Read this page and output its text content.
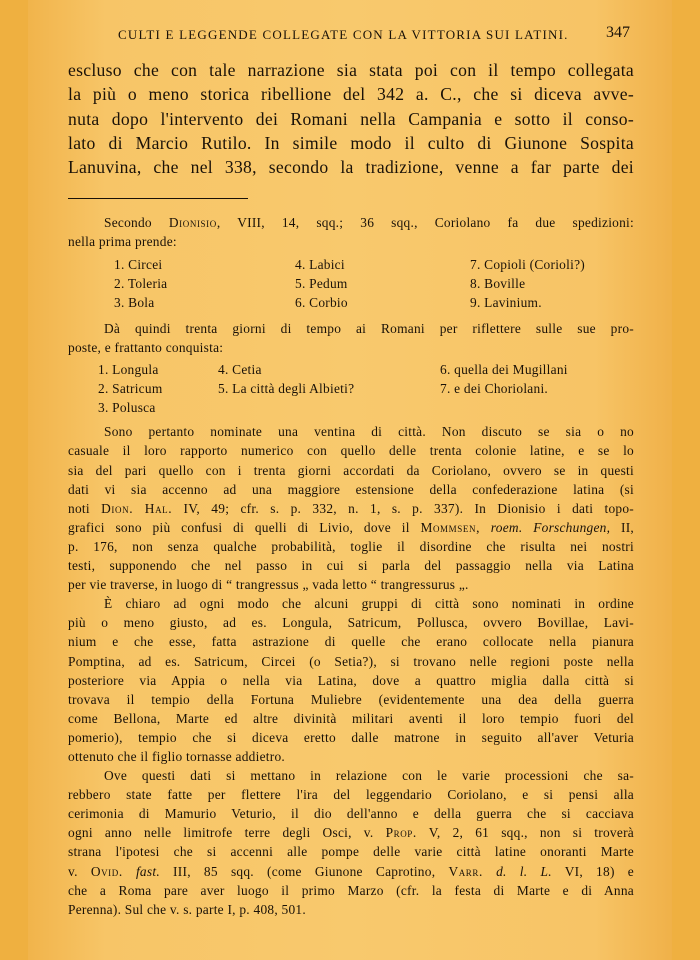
CULTI E LEGGENDE COLLEGATE CON LA VITTORIA SUI LATINI. 347
escluso che con tale narrazione sia stata poi con il tempo collegata
la più o meno storica ribellione del 342 a. C., che si diceva avve-
nuta dopo l'intervento dei Romani nella Campania e sotto il conso-
lato di Marcio Rutilo. In simile modo il culto di Giunone Sospita
Lanuvina, che nel 338, secondo la tradizione, venne a far parte dei
Secondo Dionisio, VIII, 14, sqq.; 36 sqq., Coriolano fa due spedizioni:
nella prima prende:
1. Circei
2. Toleria
3. Bola
4. Labici
5. Pedum
6. Corbio
7. Copioli (Corioli?)
8. Boville
9. Lavinium.
Dà quindi trenta giorni di tempo ai Romani per riflettere sulle sue pro-
poste, e frattanto conquista:
1. Longula
2. Satricum
3. Polusca
4. Cetia
5. La città degli Albieti?
6. quella dei Mugillani
7. e dei Choriolani.
Sono pertanto nominate una ventina di città. Non discuto se sia o no
casuale il loro rapporto numerico con quello delle trenta colonie latine, e se lo
sia del pari quello con i trenta giorni accordati da Coriolano, ovvero se in questi
dati vi sia accenno ad una maggiore estensione della confederazione latina (si
noti Dion. Hal. IV, 49; cfr. s. p. 332, n. 1, s. p. 337). In Dionisio i dati topo-
grafici sono più confusi di quelli di Livio, dove il Mommsen, roem. Forschungen, II,
p. 176, non senza qualche probabilità, toglie il disordine che risulta nei nostri
testi, supponendo che nel passo in cui si parla del passaggio nella via Latina
per vie traverse, in luogo di “ trangressus „ vada letto “ trangressurus „.
È chiaro ad ogni modo che alcuni gruppi di città sono nominati in ordine
più o meno giusto, ad es. Longula, Satricum, Pollusca, ovvero Bovillae, Lavi-
nium e che esse, fatta astrazione di quelle che erano collocate nella pianura
Pomptina, ad es. Satricum, Circei (o Setia?), si trovano nelle regioni poste nella
posteriore via Appia o nella via Latina, dove a quattro miglia dalla città si
trovava il tempio della Fortuna Muliebre (evidentemente una dea della guerra
come Bellona, Marte ed altre divinità militari aventi il loro tempio fuori del
pomerio), tempio che si diceva eretto dalle matrone in seguito all'aver Veturia
ottenuto che il figlio tornasse addietro.
Ove questi dati si mettano in relazione con le varie processioni che sa-
rebbero state fatte per flettere l'ira del leggendario Coriolano, e si pensi alla
cerimonia di Mamurio Veturio, il dio dell'anno e della guerra che si cacciava
ogni anno nelle limitrofe terre degli Osci, v. Prop. V, 2, 61 sqq., non si troverà
strana l'ipotesi che si accenni alle pompe delle varie città latine onoranti Marte
v. Ovid. fast. III, 85 sqq. (come Giunone Caprotino, Varr. d. l. L. VI, 18) e
che a Roma pare aver luogo il primo Marzo (cfr. la festa di Marte e di Anna
Perenna). Sul che v. s. parte I, p. 408, 501.
